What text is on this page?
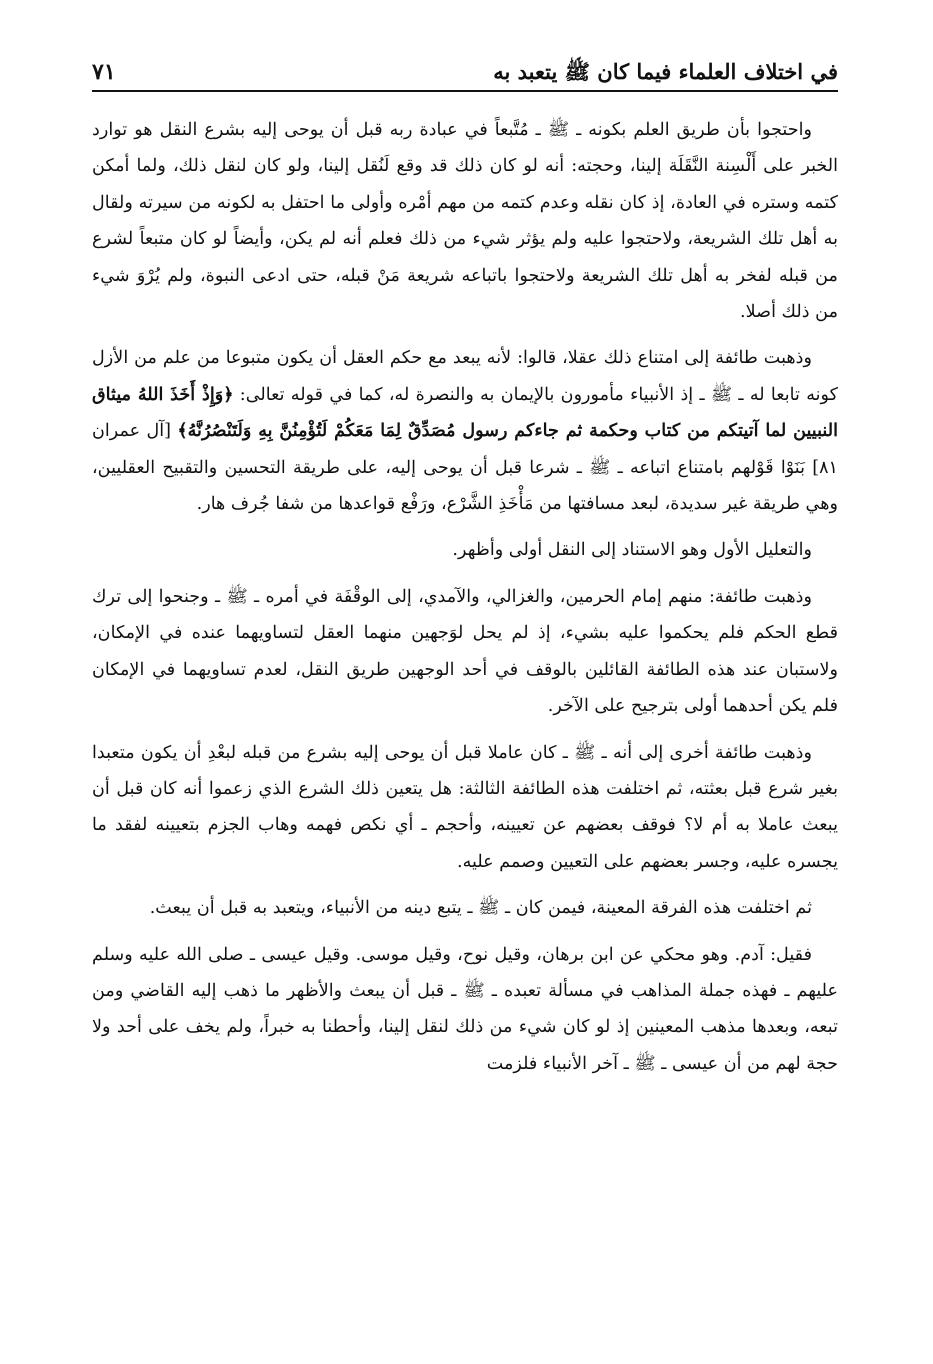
في اختلاف العلماء فيما كان ﷺ يتعبد به
٧١

واحتجوا بأن طريق العلم بكونه ـ ﷺ ـ مُتَّبعاً في عبادة ربه قبل أن يوحى إليه بشرع النقل هو توارد الخبر على أَلْسِنة النَّقَلَة إلينا، وحجته: أنه لو كان ذلك قد وقع لَنُقل إلينا، ولو كان لنقل ذلك، ولما أمكن كتمه وستره في العادة، إذ كان نقله وعدم كتمه من مهم أمْره وأولى ما احتفل به لكونه من سيرته ولقال به أهل تلك الشريعة، ولاحتجوا عليه ولم يؤثر شيء من ذلك فعلم أنه لم يكن، وأيضاً لو كان متبعاً لشرع من قبله لفخر به أهل تلك الشريعة ولاحتجوا باتباعه شريعة مَنْ قبله، حتى ادعى النبوة، ولم يُرْوَ شيء من ذلك أصلا.

وذهبت طائفة إلى امتناع ذلك عقلا، قالوا: لأنه يبعد مع حكم العقل أن يكون متبوعا من علم من الأزل كونه تابعا له ـ ﷺ ـ إذ الأنبياء مأمورون بالإيمان به والنصرة له، كما في قوله تعالى: ﴿وَإِذْ أَخَذَ اللهُ ميثاق النبيين لما آتيتكم من كتاب وحكمة ثم جاءكم رسول مُصَدِّقٌ لِمَا مَعَكُمْ لَتُؤْمِنُنَّ بِهِ وَلَتَنْصُرُنَّهُ﴾ [آل عمران ٨١] بَنَوْا قَوْلهم بامتناع اتباعه ـ ﷺ ـ شرعا قبل أن يوحى إليه، على طريقة التحسين والتقبيح العقليين، وهي طريقة غير سديدة، لبعد مسافتها من مَأْخَذِ الشَّرْع، ورَفْع قواعدها من شفا جُرف هار.

والتعليل الأول وهو الاستناد إلى النقل أولى وأظهر.

وذهبت طائفة: منهم إمام الحرمين، والغزالي، والآمدي، إلى الوقْفَة في أمره ـ ﷺ ـ وجنحوا إلى ترك قطع الحكم فلم يحكموا عليه بشيء، إذ لم يحل لوَجهين منهما العقل لتساويهما عنده في الإمكان، ولاستبان عند هذه الطائفة القائلين بالوقف في أحد الوجهين طريق النقل، لعدم تساويهما في الإمكان فلم يكن أحدهما أولى بترجيح على الآخر.

وذهبت طائفة أخرى إلى أنه ـ ﷺ ـ كان عاملا قبل أن يوحى إليه بشرع من قبله لبعْدِ أن يكون متعبدا بغير شرع قبل بعثته، ثم اختلفت هذه الطائفة الثالثة: هل يتعين ذلك الشرع الذي زعموا أنه كان قبل أن يبعث عاملا به أم لا؟ فوقف بعضهم عن تعيينه، وأحجم ـ أي نكص فهمه وهاب الجزم بتعيينه لفقد ما يجسره عليه، وجسر بعضهم على التعيين وصمم عليه.

ثم اختلفت هذه الفرقة المعينة، فيمن كان ـ ﷺ ـ يتبع دينه من الأنبياء، ويتعبد به قبل أن يبعث.

فقيل: آدم. وهو محكي عن ابن برهان، وقيل نوح، وقيل موسى. وقيل عيسى ـ صلى الله عليه وسلم عليهم ـ فهذه جملة المذاهب في مسألة تعبده ـ ﷺ ـ قبل أن يبعث والأظهر ما ذهب إليه القاضي ومن تبعه، وبعدها مذهب المعينين إذ لو كان شيء من ذلك لنقل إلينا، وأحطنا به خبراً، ولم يخف على أحد ولا حجة لهم من أن عيسى ـ ﷺ ـ آخر الأنبياء فلزمت
